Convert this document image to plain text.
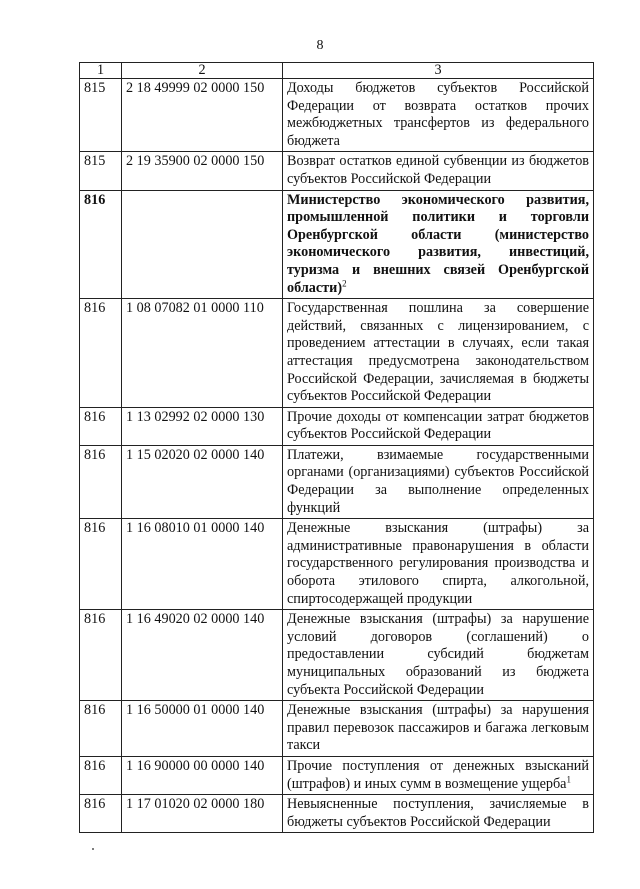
8
1	2	3
815	2 18 49999 02 0000 150	Доходы бюджетов субъектов Российской Федерации от возврата остатков прочих межбюджетных трансфертов из федерального бюджета
815	2 19 35900 02 0000 150	Возврат остатков единой субвенции из бюджетов субъектов Российской Федерации
816		Министерство экономического развития, промышленной политики и торговли Оренбургской области (министерство экономического развития, инвестиций, туризма и внешних связей Оренбургской области)$^2$
816	1 08 07082 01 0000 110	Государственная пошлина за совершение действий, связанных с лицензированием, с проведением аттестации в случаях, если такая аттестация предусмотрена законодательством Российской Федерации, зачисляемая в бюджеты субъектов Российской Федерации
816	1 13 02992 02 0000 130	Прочие доходы от компенсации затрат бюджетов субъектов Российской Федерации
816	1 15 02020 02 0000 140	Платежи, взимаемые государственными органами (организациями) субъектов Российской Федерации за выполнение определенных функций
816	1 16 08010 01 0000 140	Денежные взыскания (штрафы) за административные правонарушения в области государственного регулирования производства и оборота этилового спирта, алкогольной, спиртосодержащей продукции
816	1 16 49020 02 0000 140	Денежные взыскания (штрафы) за нарушение условий договоров (соглашений) о предоставлении субсидий бюджетам муниципальных образований из бюджета субъекта Российской Федерации
816	1 16 50000 01 0000 140	Денежные взыскания (штрафы) за нарушения правил перевозок пассажиров и багажа легковым такси
816	1 16 90000 00 0000 140	Прочие поступления от денежных взысканий (штрафов) и иных сумм в возмещение ущерба$^1$
816	1 17 01020 02 0000 180	Невыясненные поступления, зачисляемые в бюджеты субъектов Российской Федерации
